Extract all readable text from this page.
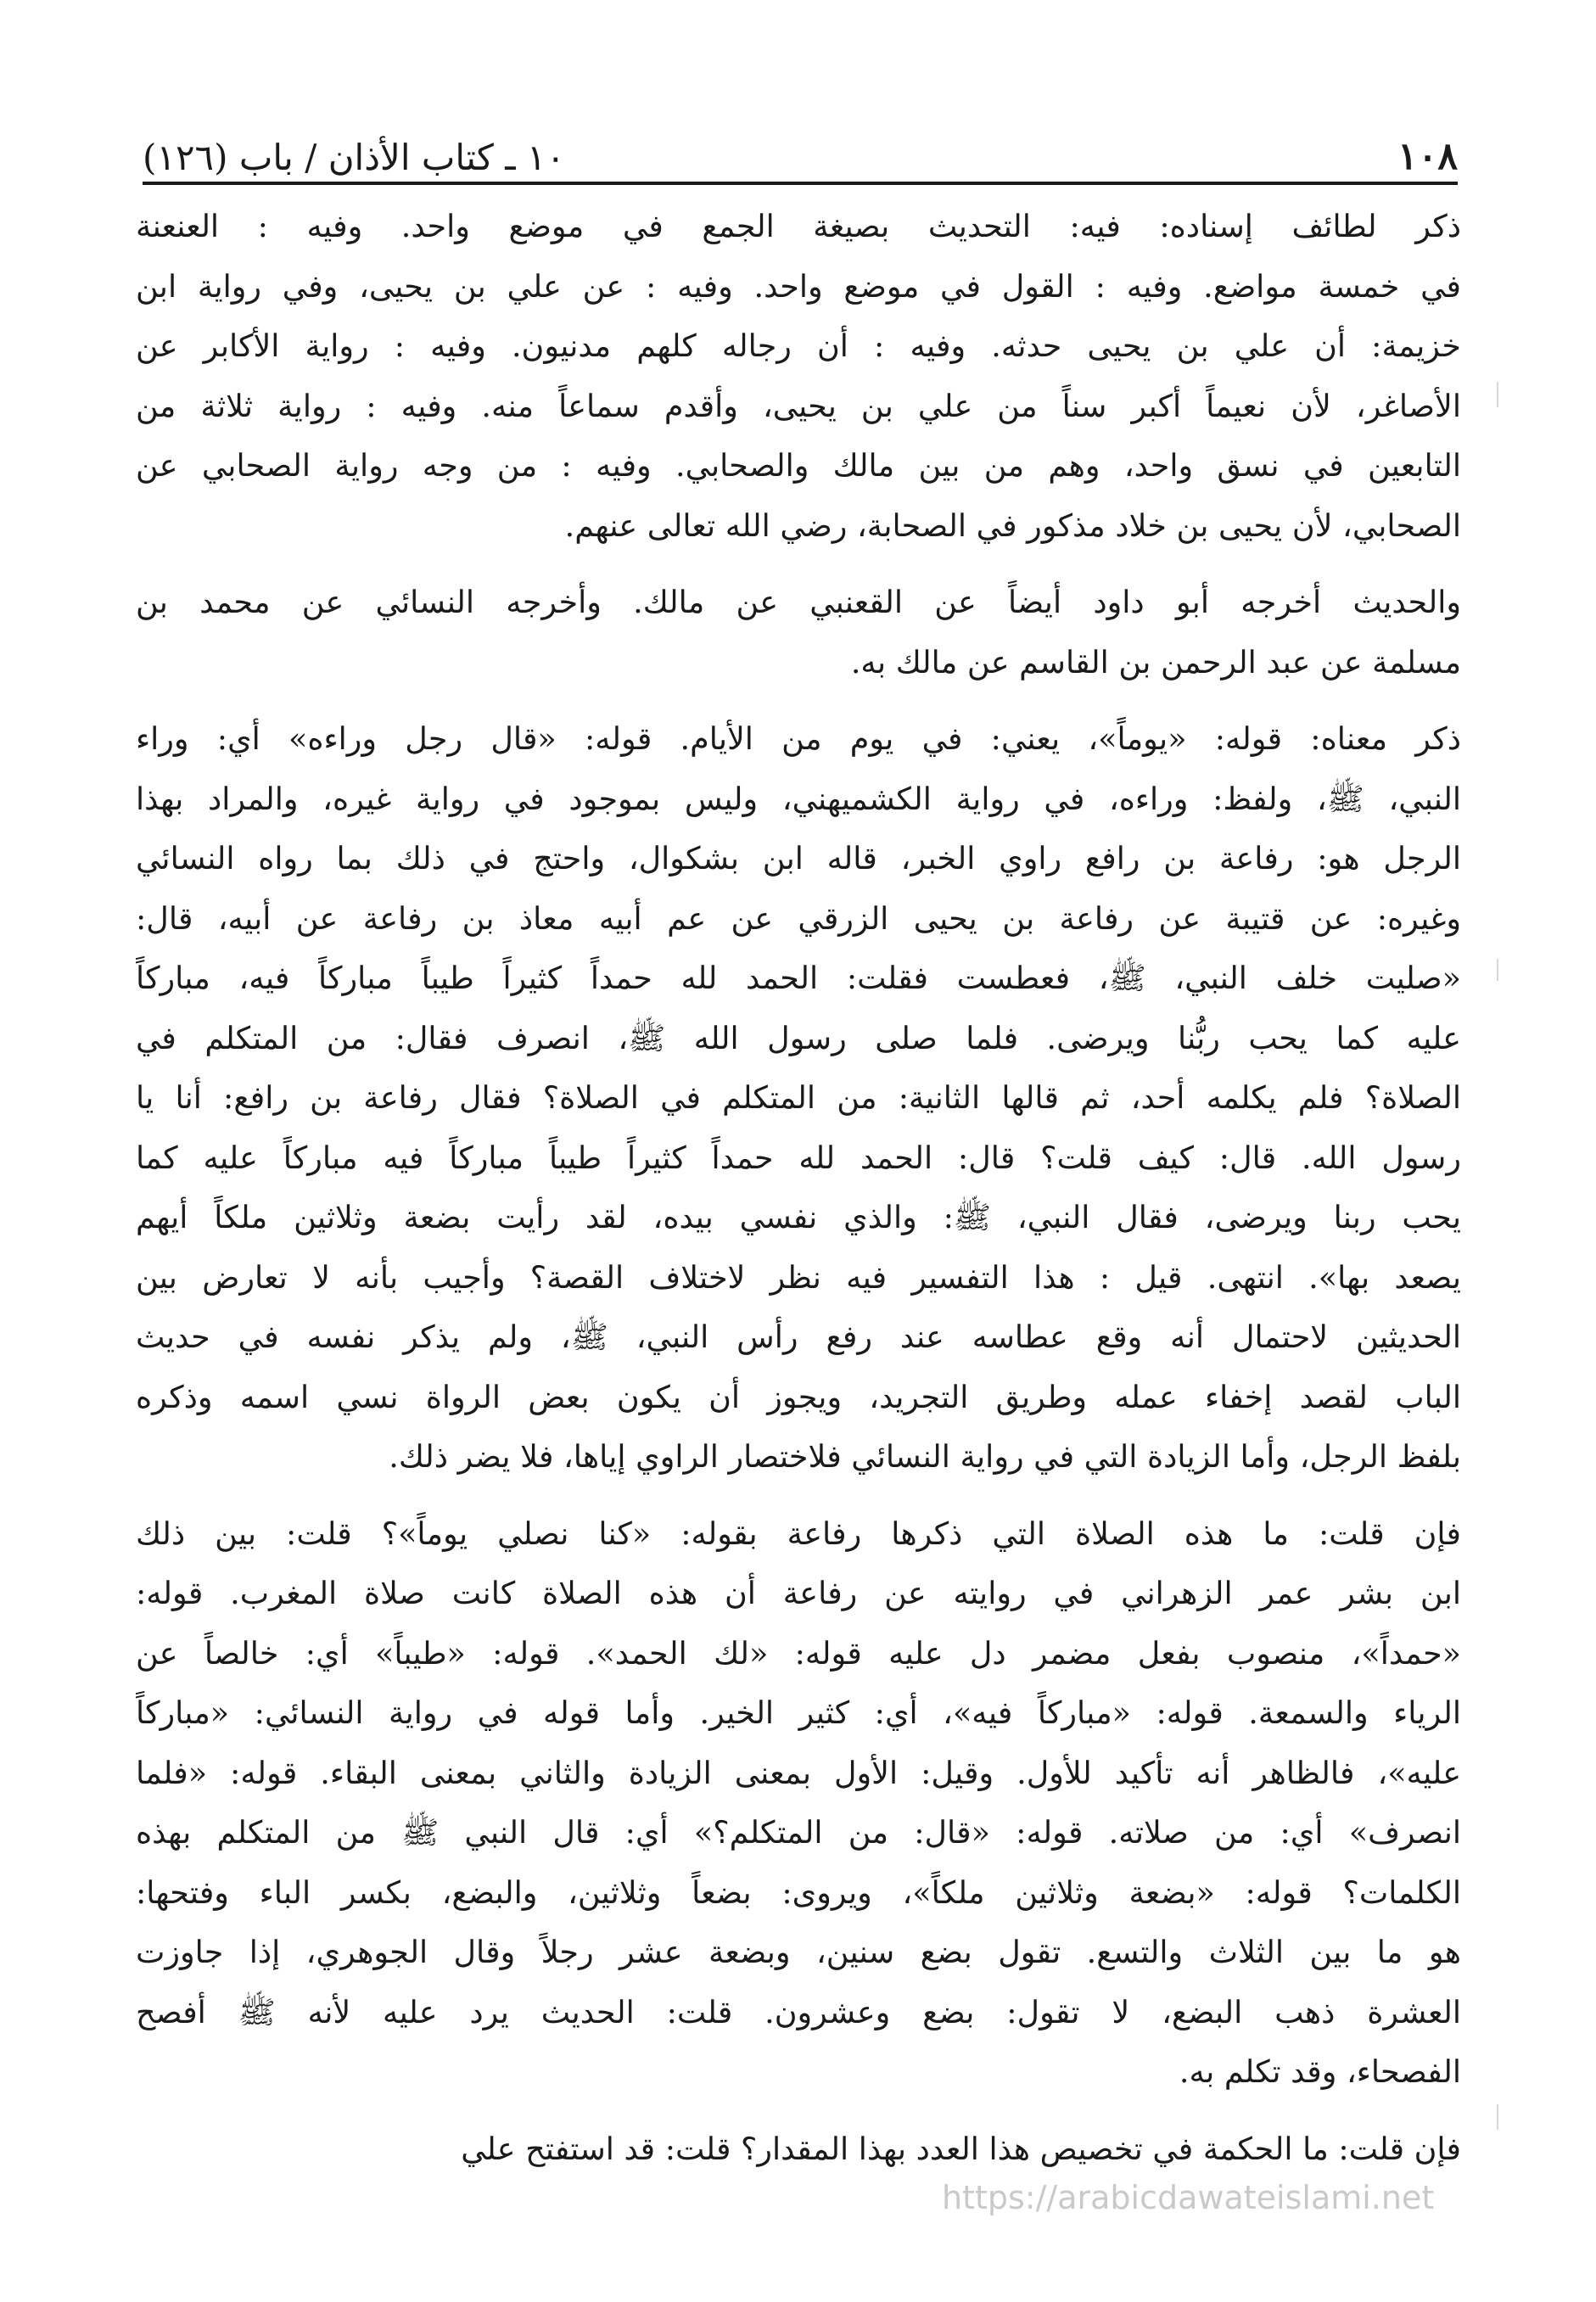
١٠٨
١٠ ـ كتاب الأذان / باب (١٢٦)
ذكر لطائف إسناده: فيه: التحديث بصيغة الجمع في موضع واحد. وفيه : العنعنة
في خمسة مواضع. وفيه : القول في موضع واحد. وفيه : عن علي بن يحيى، وفي رواية ابن
خزيمة: أن علي بن يحيى حدثه. وفيه : أن رجاله كلهم مدنيون. وفيه : رواية الأكابر عن
الأصاغر، لأن نعيماً أكبر سناً من علي بن يحيى، وأقدم سماعاً منه. وفيه : رواية ثلاثة من
التابعين في نسق واحد، وهم من بين مالك والصحابي. وفيه : من وجه رواية الصحابي عن
الصحابي، لأن يحيى بن خلاد مذكور في الصحابة، رضي الله تعالى عنهم.
والحديث أخرجه أبو داود أيضاً عن القعنبي عن مالك. وأخرجه النسائي عن محمد بن
مسلمة عن عبد الرحمن بن القاسم عن مالك به.
ذكر معناه: قوله: «يوماً»، يعني: في يوم من الأيام. قوله: «قال رجل وراءه» أي: وراء
النبي، ﷺ، ولفظ: وراءه، في رواية الكشميهني، وليس بموجود في رواية غيره، والمراد بهذا
الرجل هو: رفاعة بن رافع راوي الخبر، قاله ابن بشكوال، واحتج في ذلك بما رواه النسائي
وغيره: عن قتيبة عن رفاعة بن يحيى الزرقي عن عم أبيه معاذ بن رفاعة عن أبيه، قال:
«صليت خلف النبي، ﷺ، فعطست فقلت: الحمد لله حمداً كثيراً طيباً مباركاً فيه، مباركاً
عليه كما يحب ربُّنا ويرضى. فلما صلى رسول الله ﷺ، انصرف فقال: من المتكلم في
الصلاة؟ فلم يكلمه أحد، ثم قالها الثانية: من المتكلم في الصلاة؟ فقال رفاعة بن رافع: أنا يا
رسول الله. قال: كيف قلت؟ قال: الحمد لله حمداً كثيراً طيباً مباركاً فيه مباركاً عليه كما
يحب ربنا ويرضى، فقال النبي، ﷺ: والذي نفسي بيده، لقد رأيت بضعة وثلاثين ملكاً أيهم
يصعد بها». انتهى. قيل : هذا التفسير فيه نظر لاختلاف القصة؟ وأجيب بأنه لا تعارض بين
الحديثين لاحتمال أنه وقع عطاسه عند رفع رأس النبي، ﷺ، ولم يذكر نفسه في حديث
الباب لقصد إخفاء عمله وطريق التجريد، ويجوز أن يكون بعض الرواة نسي اسمه وذكره
بلفظ الرجل، وأما الزيادة التي في رواية النسائي فلاختصار الراوي إياها، فلا يضر ذلك.
فإن قلت: ما هذه الصلاة التي ذكرها رفاعة بقوله: «كنا نصلي يوماً»؟ قلت: بين ذلك
ابن بشر عمر الزهراني في روايته عن رفاعة أن هذه الصلاة كانت صلاة المغرب. قوله:
«حمداً»، منصوب بفعل مضمر دل عليه قوله: «لك الحمد». قوله: «طيباً» أي: خالصاً عن
الرياء والسمعة. قوله: «مباركاً فيه»، أي: كثير الخير. وأما قوله في رواية النسائي: «مباركاً
عليه»، فالظاهر أنه تأكيد للأول. وقيل: الأول بمعنى الزيادة والثاني بمعنى البقاء. قوله: «فلما
انصرف» أي: من صلاته. قوله: «قال: من المتكلم؟» أي: قال النبي ﷺ من المتكلم بهذه
الكلمات؟ قوله: «بضعة وثلاثين ملكاً»، ويروى: بضعاً وثلاثين، والبضع، بكسر الباء وفتحها:
هو ما بين الثلاث والتسع. تقول بضع سنين، وبضعة عشر رجلاً وقال الجوهري، إذا جاوزت
العشرة ذهب البضع، لا تقول: بضع وعشرون. قلت: الحديث يرد عليه لأنه ﷺ أفصح
الفصحاء، وقد تكلم به.
فإن قلت: ما الحكمة في تخصيص هذا العدد بهذا المقدار؟ قلت: قد استفتح علي
https://arabicdawateislami.net
